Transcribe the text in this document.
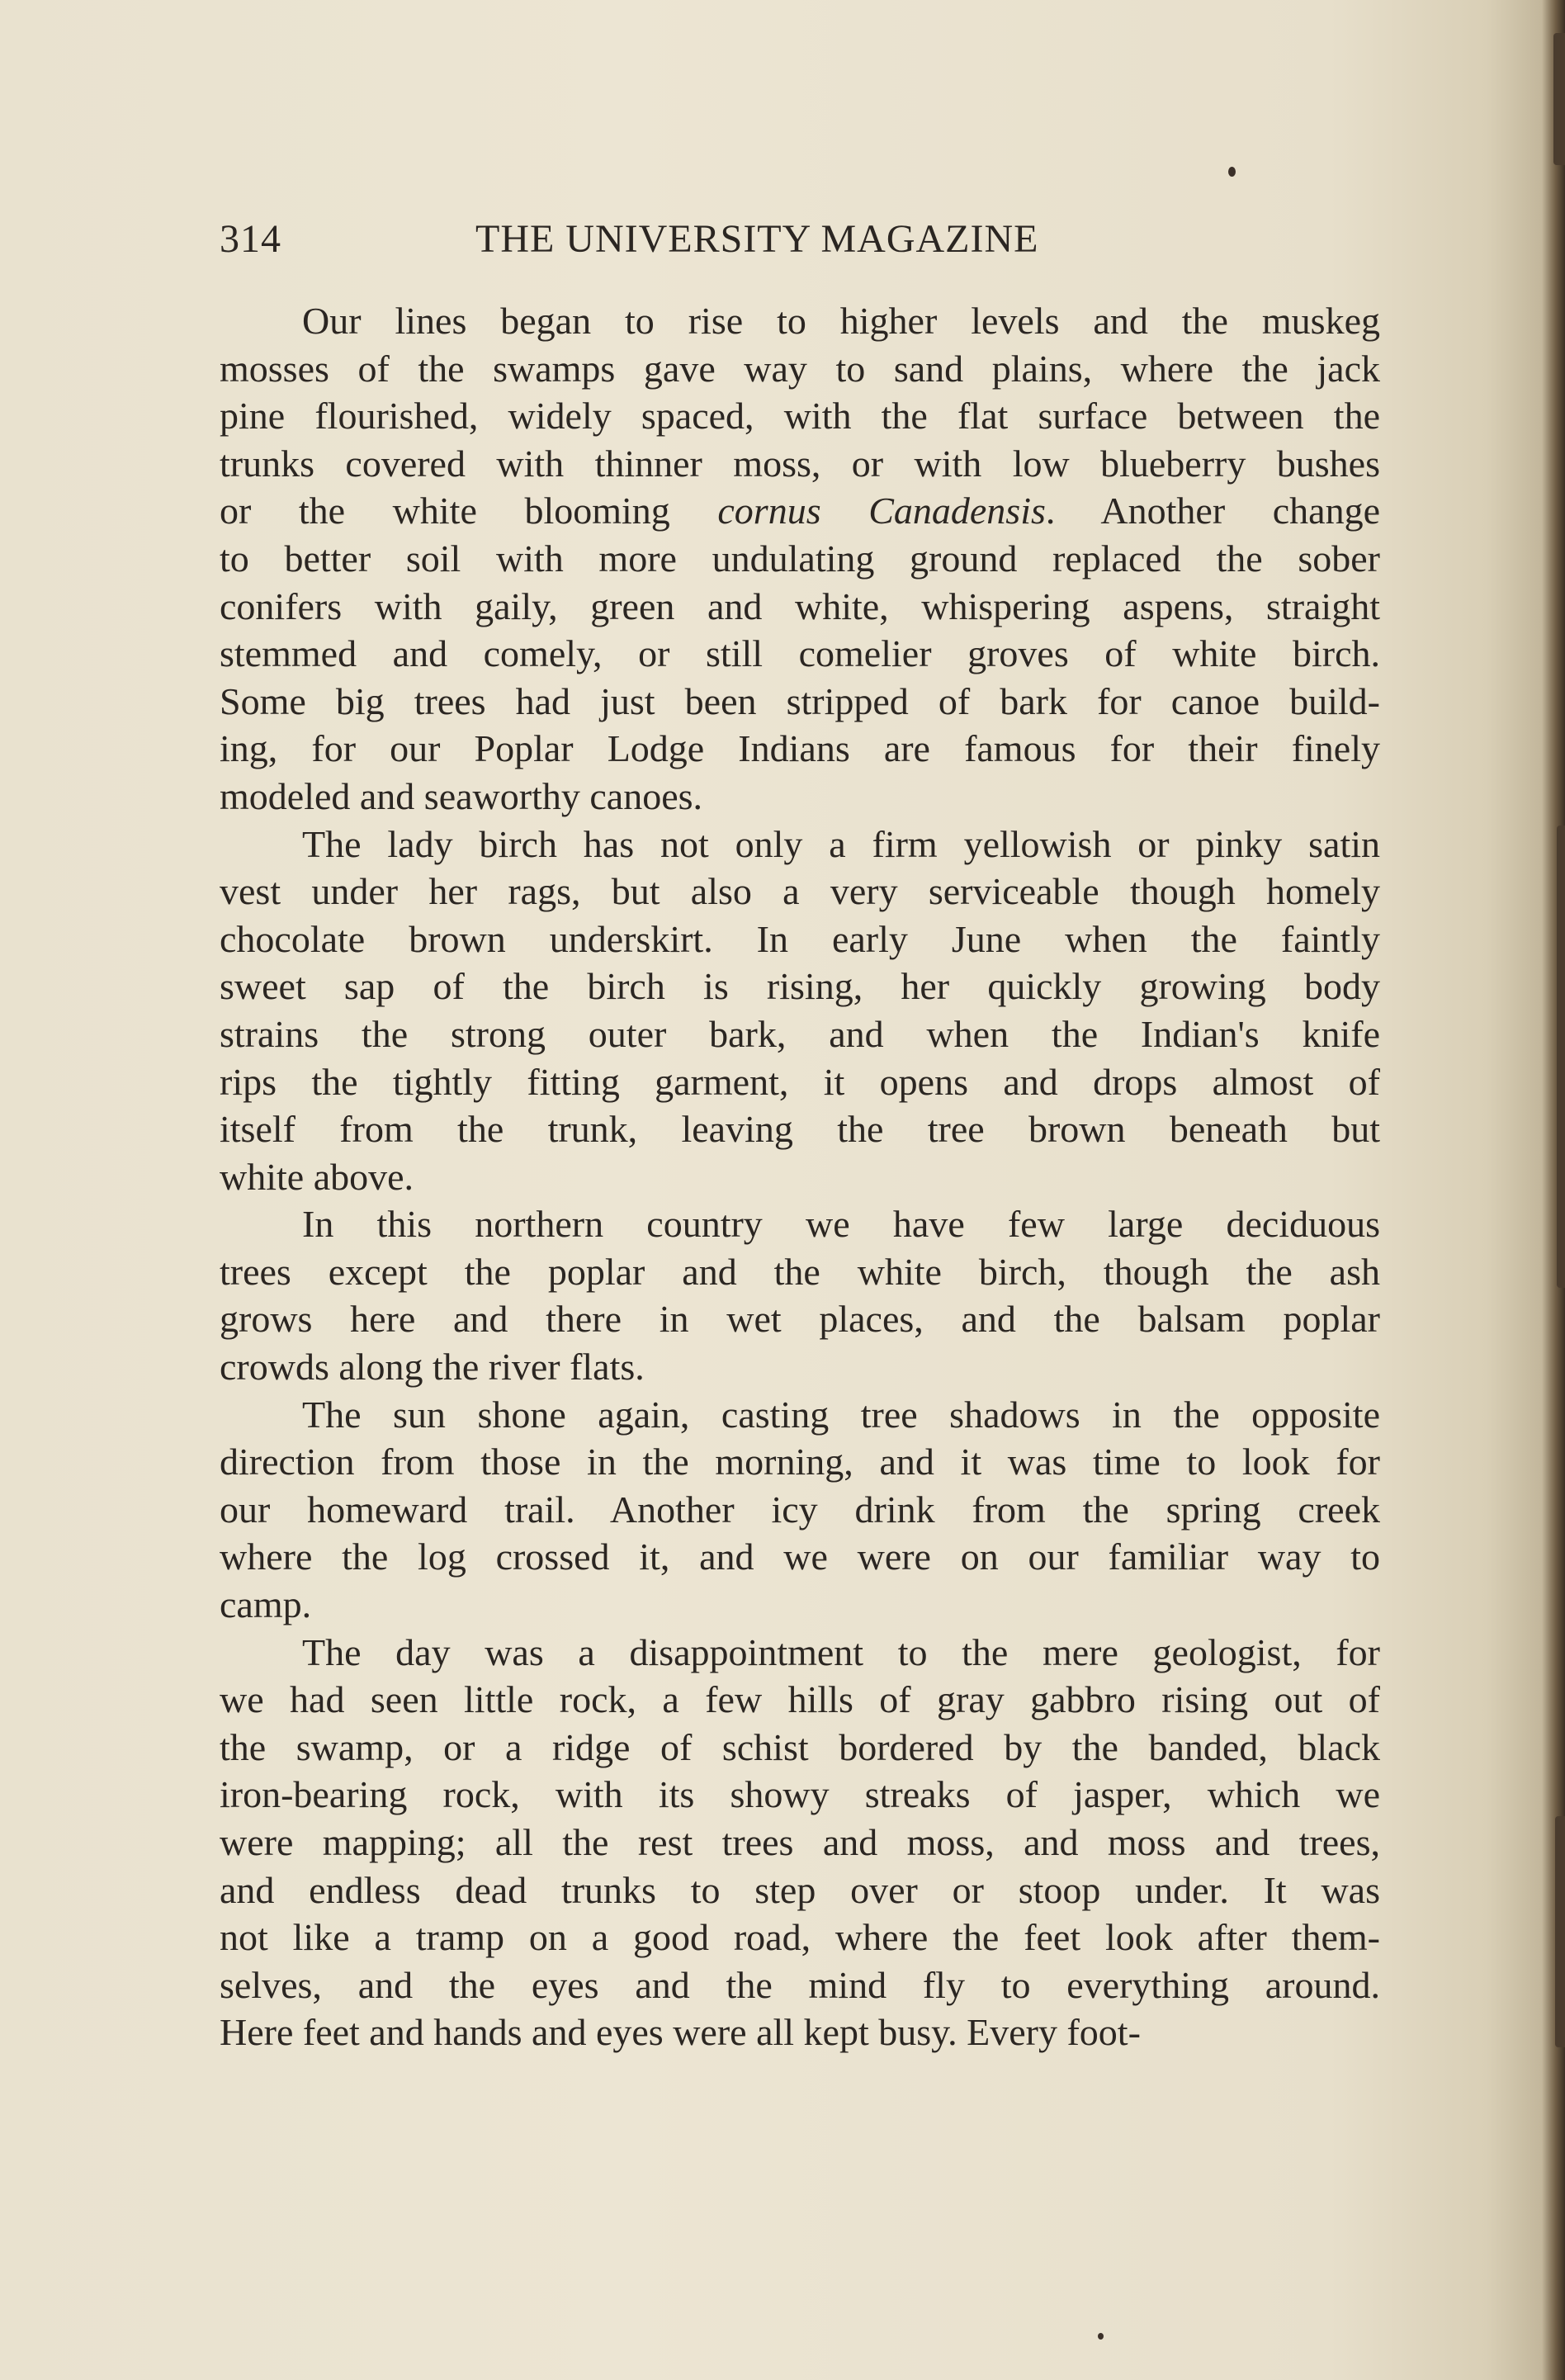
314	THE UNIVERSITY MAGAZINE
Our lines began to rise to higher levels and the muskeg
mosses of the swamps gave way to sand plains, where the jack
pine flourished, widely spaced, with the flat surface between the
trunks covered with thinner moss, or with low blueberry bushes
or the white blooming cornus Canadensis. Another change
to better soil with more undulating ground replaced the sober
conifers with gaily, green and white, whispering aspens, straight
stemmed and comely, or still comelier groves of white birch.
Some big trees had just been stripped of bark for canoe build-
ing, for our Poplar Lodge Indians are famous for their finely
modeled and seaworthy canoes.
The lady birch has not only a firm yellowish or pinky satin
vest under her rags, but also a very serviceable though homely
chocolate brown underskirt. In early June when the faintly
sweet sap of the birch is rising, her quickly growing body
strains the strong outer bark, and when the Indian's knife
rips the tightly fitting garment, it opens and drops almost of
itself from the trunk, leaving the tree brown beneath but
white above.
In this northern country we have few large deciduous
trees except the poplar and the white birch, though the ash
grows here and there in wet places, and the balsam poplar
crowds along the river flats.
The sun shone again, casting tree shadows in the opposite
direction from those in the morning, and it was time to look for
our homeward trail. Another icy drink from the spring creek
where the log crossed it, and we were on our familiar way to
camp.
The day was a disappointment to the mere geologist, for
we had seen little rock, a few hills of gray gabbro rising out of
the swamp, or a ridge of schist bordered by the banded, black
iron-bearing rock, with its showy streaks of jasper, which we
were mapping; all the rest trees and moss, and moss and trees,
and endless dead trunks to step over or stoop under. It was
not like a tramp on a good road, where the feet look after them-
selves, and the eyes and the mind fly to everything around.
Here feet and hands and eyes were all kept busy. Every foot-
